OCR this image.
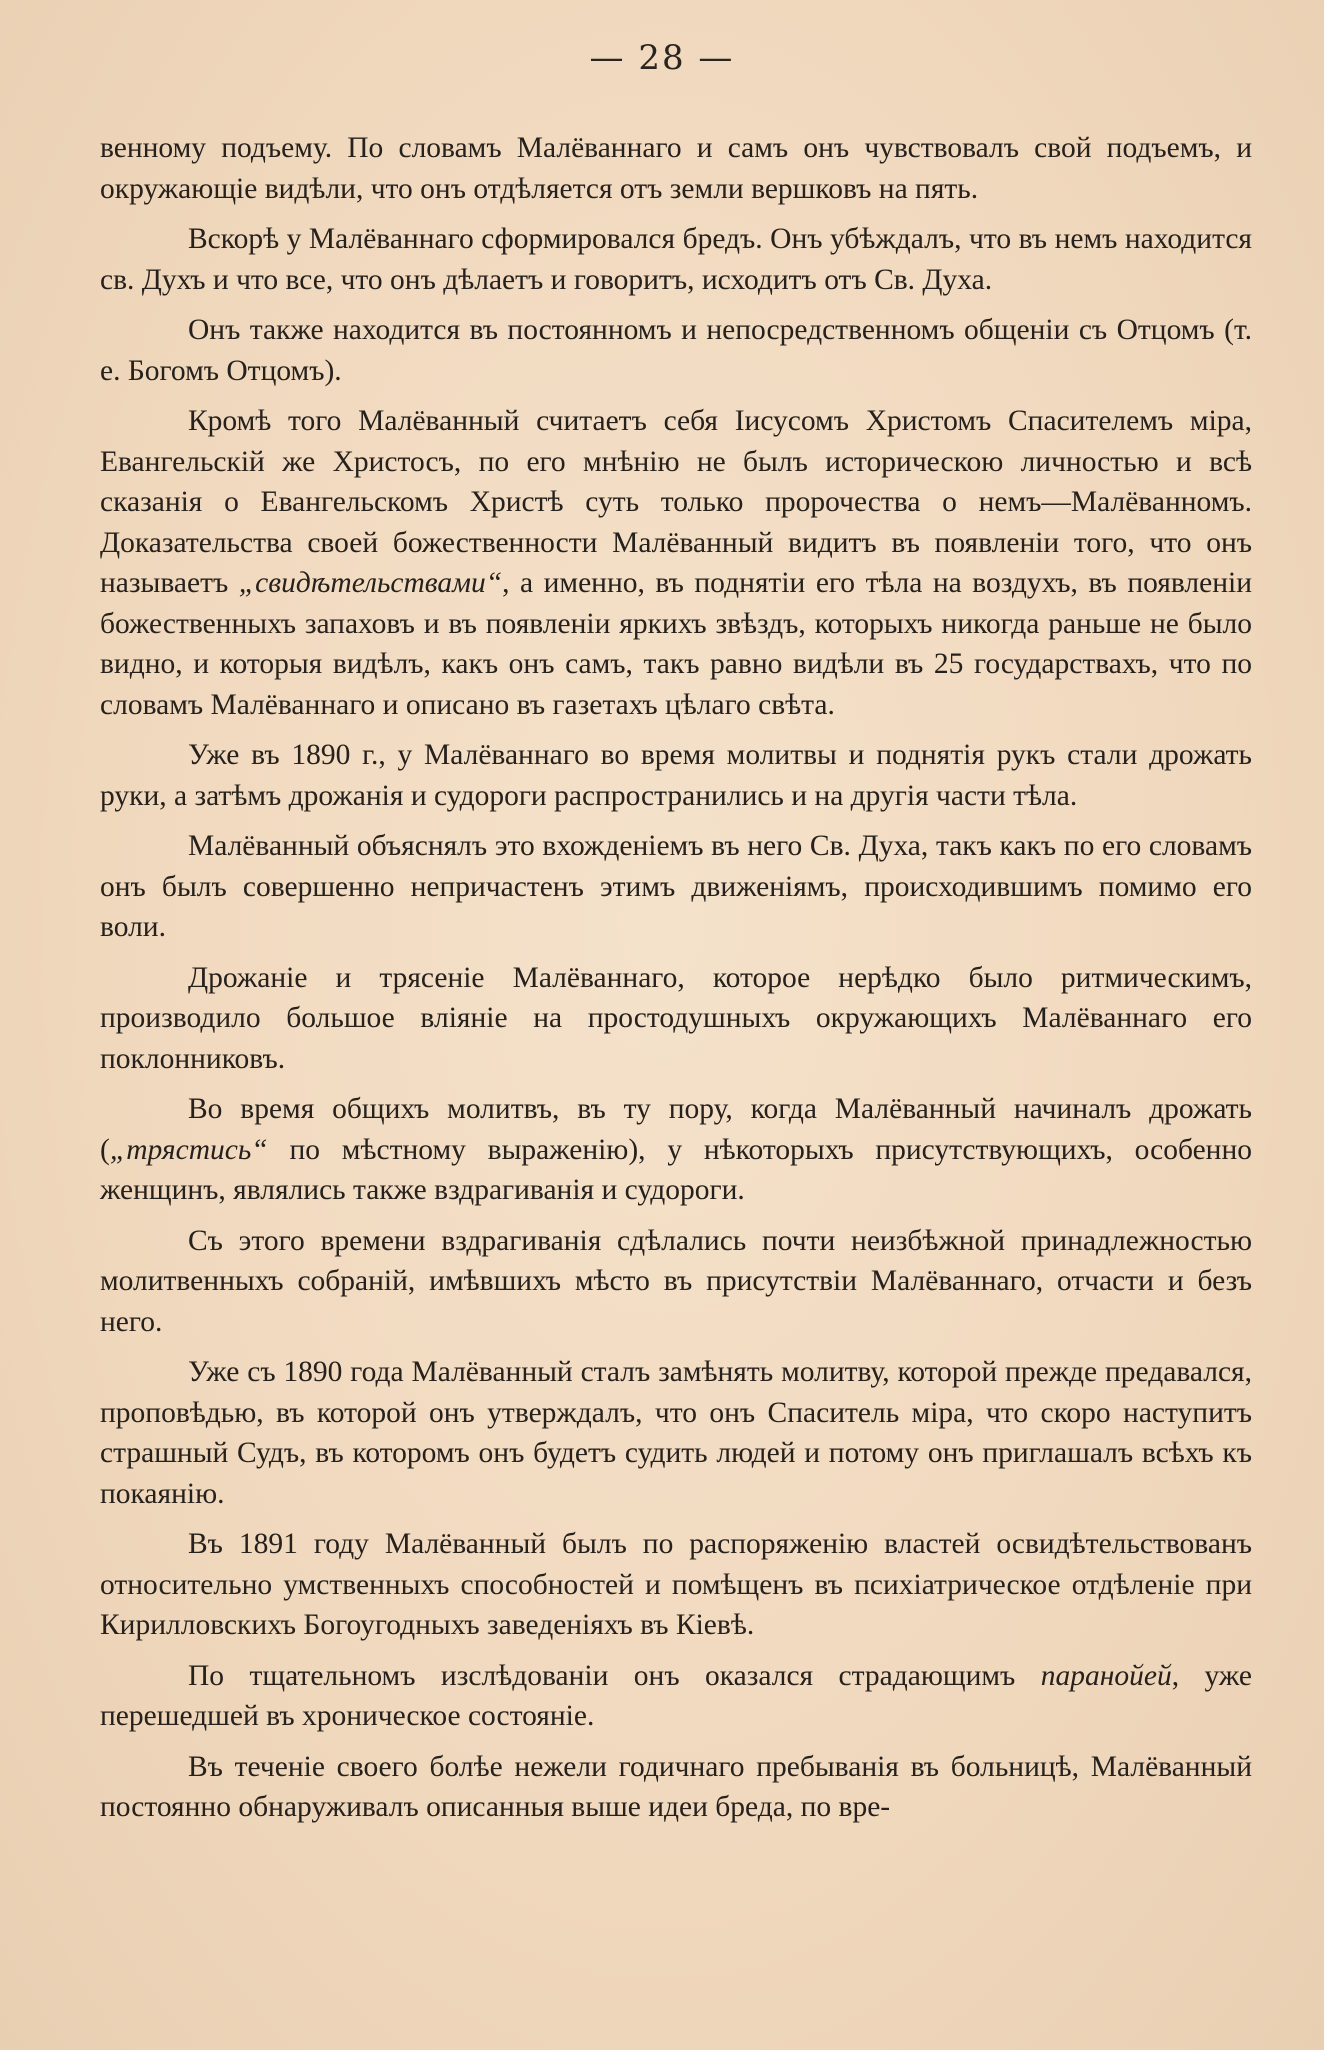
— 28 —

венному подъему. По словамъ Малёваннаго и самъ онъ чувствовалъ свой подъемъ, и окружающіе видѣли, что онъ отдѣляется отъ земли вершковъ на пять.

Вскорѣ у Малёваннаго сформировался бредъ. Онъ убѣждалъ, что въ немъ находится св. Духъ и что все, что онъ дѣлаетъ и говоритъ, исходитъ отъ Св. Духа.

Онъ также находится въ постоянномъ и непосредственномъ общеніи съ Отцомъ (т. е. Богомъ Отцомъ).

Кромѣ того Малёванный считаетъ себя Іисусомъ Христомъ Спасителемъ міра, Евангельскій же Христосъ, по его мнѣнію не былъ историческою личностью и всѣ сказанія о Евангельскомъ Христѣ суть только пророчества о немъ—Малёванномъ. Доказательства своей божественности Малёванный видитъ въ появленіи того, что онъ называетъ „свидѣтельствами“, а именно, въ поднятіи его тѣла на воздухъ, въ появленіи божественныхъ запаховъ и въ появленіи яркихъ звѣздъ, которыхъ никогда раньше не было видно, и которыя видѣлъ, какъ онъ самъ, такъ равно видѣли въ 25 государствахъ, что по словамъ Малёваннаго и описано въ газетахъ цѣлаго свѣта.

Уже въ 1890 г., у Малёваннаго во время молитвы и поднятія рукъ стали дрожать руки, а затѣмъ дрожанія и судороги распространились и на другія части тѣла.

Малёванный объяснялъ это вхожденіемъ въ него Св. Духа, такъ какъ по его словамъ онъ былъ совершенно непричастенъ этимъ движеніямъ, происходившимъ помимо его воли.

Дрожаніе и трясеніе Малёваннаго, которое нерѣдко было ритмическимъ, производило большое вліяніе на простодушныхъ окружающихъ Малёваннаго его поклонниковъ.

Во время общихъ молитвъ, въ ту пору, когда Малёванный начиналъ дрожать („трястись“ по мѣстному выраженію), у нѣкоторыхъ присутствующихъ, особенно женщинъ, являлись также вздрагиванія и судороги.

Съ этого времени вздрагиванія сдѣлались почти неизбѣжной принадлежностью молитвенныхъ собраній, имѣвшихъ мѣсто въ присутствіи Малёваннаго, отчасти и безъ него.

Уже съ 1890 года Малёванный сталъ замѣнять молитву, которой прежде предавался, проповѣдью, въ которой онъ утверждалъ, что онъ Спаситель міра, что скоро наступитъ страшный Судъ, въ которомъ онъ будетъ судить людей и потому онъ приглашалъ всѣхъ къ покаянію.

Въ 1891 году Малёванный былъ по распоряженію властей освидѣтельствованъ относительно умственныхъ способностей и помѣщенъ въ психіатрическое отдѣленіе при Кирилловскихъ Богоугодныхъ заведеніяхъ въ Кіевѣ.

По тщательномъ изслѣдованіи онъ оказался страдающимъ паранойей, уже перешедшей въ хроническое состояніе.

Въ теченіе своего болѣе нежели годичнаго пребыванія въ больницѣ, Малёванный постоянно обнаруживалъ описанныя выше идеи бреда, по вре-
